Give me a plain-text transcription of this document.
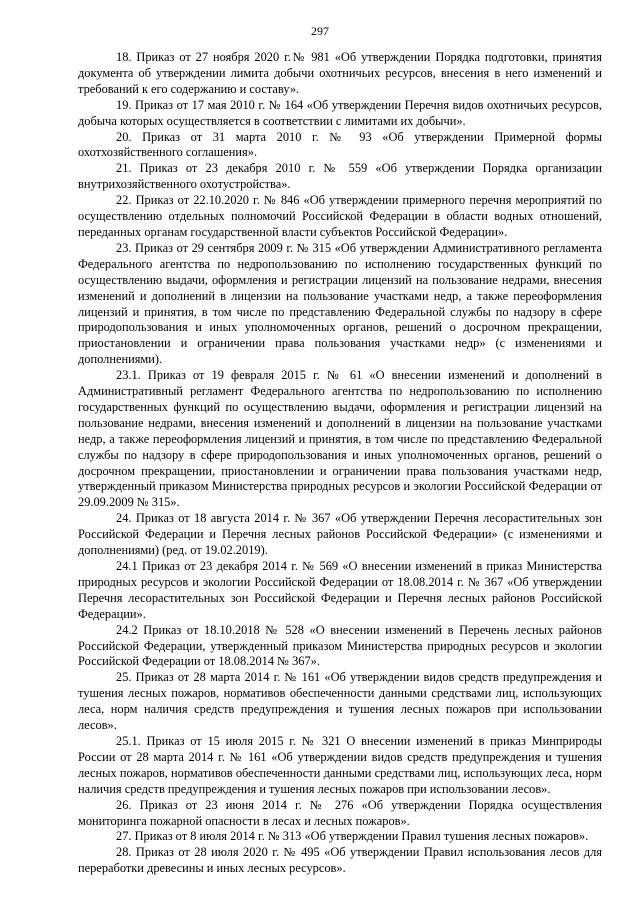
297

18. Приказ от 27 ноября 2020 г.№ 981 «Об утверждении Порядка подготовки, принятия документа об утверждении лимита добычи охотничьих ресурсов, внесения в него изменений и требований к его содержанию и составу».

19. Приказ от 17 мая 2010 г. № 164 «Об утверждении Перечня видов охотничьих ресурсов, добыча которых осуществляется в соответствии с лимитами их добычи».

20. Приказ от 31 марта 2010 г. № 93 «Об утверждении Примерной формы охотхозяйственного соглашения».

21. Приказ от 23 декабря 2010 г. № 559 «Об утверждении Порядка организации внутрихозяйственного охотустройства».

22. Приказ от 22.10.2020 г. № 846 «Об утверждении примерного перечня мероприятий по осуществлению отдельных полномочий Российской Федерации в области водных отношений, переданных органам государственной власти субъектов Российской Федерации».

23. Приказ от 29 сентября 2009 г. № 315 «Об утверждении Административного регламента Федерального агентства по недропользованию по исполнению государственных функций по осуществлению выдачи, оформления и регистрации лицензий на пользование недрами, внесения изменений и дополнений в лицензии на пользование участками недр, а также переоформления лицензий и принятия, в том числе по представлению Федеральной службы по надзору в сфере природопользования и иных уполномоченных органов, решений о досрочном прекращении, приостановлении и ограничении права пользования участками недр» (с изменениями и дополнениями).

23.1. Приказ от 19 февраля 2015 г. № 61 «О внесении изменений и дополнений в Административный регламент Федерального агентства по недропользованию по исполнению государственных функций по осуществлению выдачи, оформления и регистрации лицензий на пользование недрами, внесения изменений и дополнений в лицензии на пользование участками недр, а также переоформления лицензий и принятия, в том числе по представлению Федеральной службы по надзору в сфере природопользования и иных уполномоченных органов, решений о досрочном прекращении, приостановлении и ограничении права пользования участками недр, утвержденный приказом Министерства природных ресурсов и экологии Российской Федерации от 29.09.2009 № 315».

24. Приказ от 18 августа 2014 г. № 367 «Об утверждении Перечня лесорастительных зон Российской Федерации и Перечня лесных районов Российской Федерации» (с изменениями и дополнениями) (ред. от 19.02.2019).

24.1 Приказ от 23 декабря 2014 г. № 569 «О внесении изменений в приказ Министерства природных ресурсов и экологии Российской Федерации от 18.08.2014 г. № 367 «Об утверждении Перечня лесорастительных зон Российской Федерации и Перечня лесных районов Российской Федерации».

24.2 Приказ от 18.10.2018 № 528 «О внесении изменений в Перечень лесных районов Российской Федерации, утвержденный приказом Министерства природных ресурсов и экологии Российской Федерации от 18.08.2014 № 367».

25. Приказ от 28 марта 2014 г. № 161 «Об утверждении видов средств предупреждения и тушения лесных пожаров, нормативов обеспеченности данными средствами лиц, использующих леса, норм наличия средств предупреждения и тушения лесных пожаров при использовании лесов».

25.1. Приказ от 15 июля 2015 г. № 321 О внесении изменений в приказ Минприроды России от 28 марта 2014 г. № 161 «Об утверждении видов средств предупреждения и тушения лесных пожаров, нормативов обеспеченности данными средствами лиц, использующих леса, норм наличия средств предупреждения и тушения лесных пожаров при использовании лесов».

26. Приказ от 23 июня 2014 г. № 276 «Об утверждении Порядка осуществления мониторинга пожарной опасности в лесах и лесных пожаров».

27. Приказ от 8 июля 2014 г. № 313 «Об утверждении Правил тушения лесных пожаров».

28. Приказ от 28 июля 2020 г. № 495 «Об утверждении Правил использования лесов для переработки древесины и иных лесных ресурсов».
